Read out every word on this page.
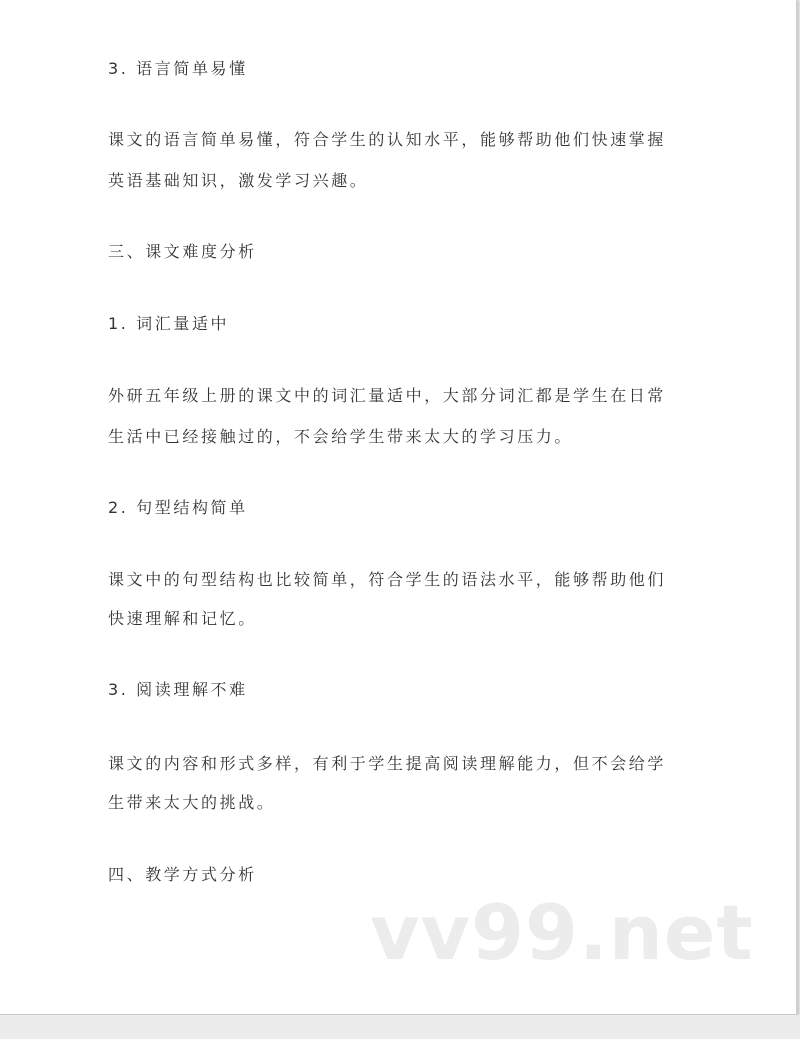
3. 语言简单易懂

课文的语言简单易懂，符合学生的认知水平，能够帮助他们快速掌握

英语基础知识，激发学习兴趣。

三、课文难度分析

1. 词汇量适中

外研五年级上册的课文中的词汇量适中，大部分词汇都是学生在日常

生活中已经接触过的，不会给学生带来太大的学习压力。

2. 句型结构简单

课文中的句型结构也比较简单，符合学生的语法水平，能够帮助他们

快速理解和记忆。

3. 阅读理解不难

课文的内容和形式多样，有利于学生提高阅读理解能力，但不会给学

生带来太大的挑战。

四、教学方式分析

vv99.net
